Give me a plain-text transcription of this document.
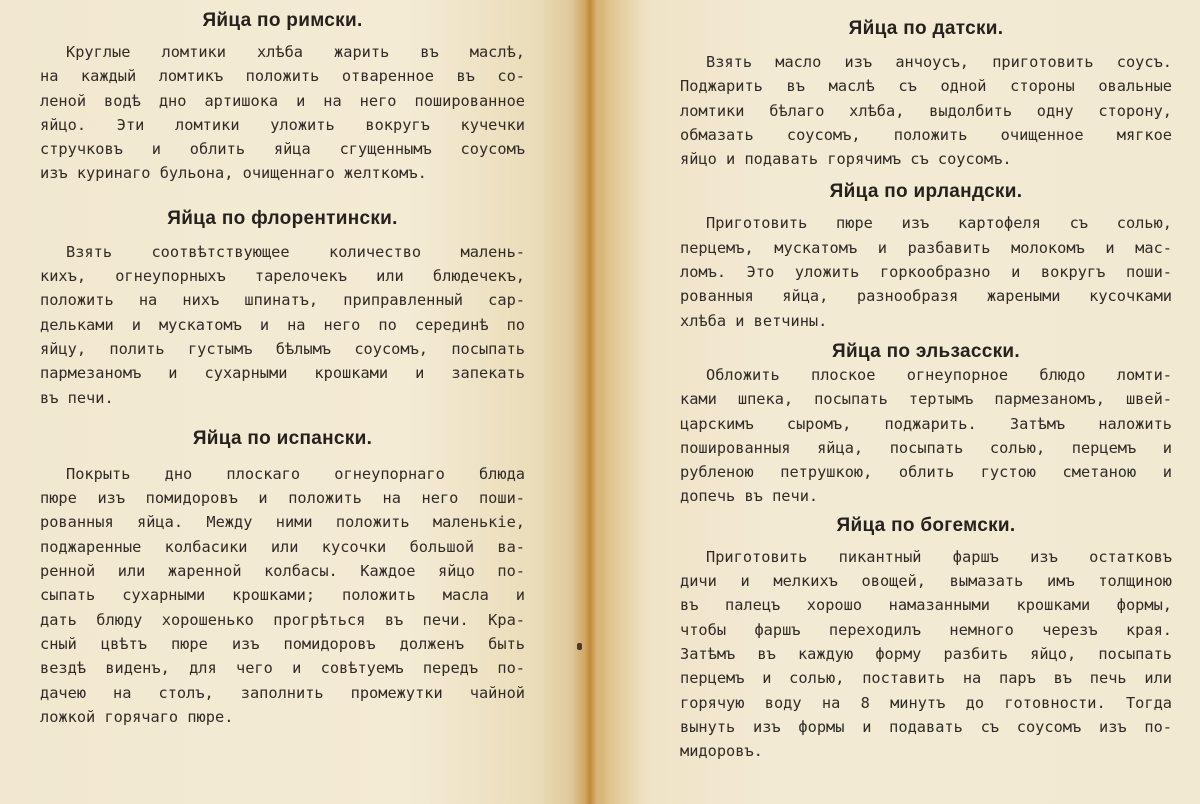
Яйца по римски.
Круглые ломтики хлѣба жарить въ маслѣ,
на каждый ломтикъ положить отваренное въ со-
леной водѣ дно артишока и на него пошированное
яйцо. Эти ломтики уложить вокругъ кучечки
стручковъ и облить яйца сгущеннымъ соусомъ
изъ куринаго бульона, очищеннаго желткомъ.
Яйца по флорентински.
Взять соотвѣтствующее количество малень-
кихъ, огнеупорныхъ тарелочекъ или блюдечекъ,
положить на нихъ шпинатъ, приправленный сар-
дельками и мускатомъ и на него по серединѣ по
яйцу, полить густымъ бѣлымъ соусомъ, посыпать
пармезаномъ и сухарными крошками и запекать
въ печи.
Яйца по испански.
Покрыть дно плоскаго огнеупорнаго блюда
пюре изъ помидоровъ и положить на него поши-
рованныя яйца. Между ними положить маленькiе,
поджаренные колбасики или кусочки большой ва-
ренной или жаренной колбасы. Каждое яйцо по-
сыпать сухарными крошками; положить масла и
дать блюду хорошенько прогрѣться въ печи. Кра-
сный цвѣтъ пюре изъ помидоровъ долженъ быть
вездѣ виденъ, для чего и совѣтуемъ передъ по-
дачею на столъ, заполнить промежутки чайной
ложкой горячаго пюре.
Яйца по датски.
Взять масло изъ анчоусъ, приготовить соусъ.
Поджарить въ маслѣ съ одной стороны овальные
ломтики бѣлаго хлѣба, выдолбить одну сторону,
обмазать соусомъ, положить очищенное мягкое
яйцо и подавать горячимъ съ соусомъ.
Яйца по ирландски.
Приготовить пюре изъ картофеля съ солью,
перцемъ, мускатомъ и разбавить молокомъ и мас-
ломъ. Это уложить горкообразно и вокругъ поши-
рованныя яйца, разнообразя жареными кусочками
хлѣба и ветчины.
Яйца по эльзасски.
Обложить плоское огнеупорное блюдо ломти-
ками шпека, посыпать тертымъ пармезаномъ, швей-
царскимъ сыромъ, поджарить. Затѣмъ наложить
пошированныя яйца, посыпать солью, перцемъ и
рубленою петрушкою, облить густою сметаною и
допечь въ печи.
Яйца по богемски.
Приготовить пикантный фаршъ изъ остатковъ
дичи и мелкихъ овощей, вымазать имъ толщиною
въ палецъ хорошо намазанными крошками формы,
чтобы фаршъ переходилъ немного черезъ края.
Затѣмъ въ каждую форму разбить яйцо, посыпать
перцемъ и солью, поставить на паръ въ печь или
горячую воду на 8 минутъ до готовности. Тогда
вынуть изъ формы и подавать съ соусомъ изъ по-
мидоровъ.
